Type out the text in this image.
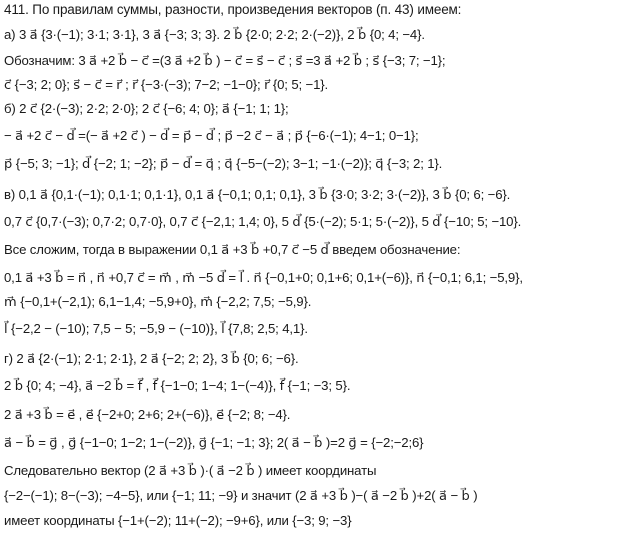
411. По правилам суммы, разности, произведения векторов (п. 43) имеем:
а) 3 a⃗ {3·(−1); 3·1; 3·1}, 3 a⃗ {−3; 3; 3}. 2 b⃗ {2·0; 2·2; 2·(−2)}, 2 b⃗ {0; 4; −4}.
Обозначим: 3 a⃗ +2 b⃗ − c⃗ =(3 a⃗ +2 b⃗ ) − c⃗ = s⃗ − c⃗ ; s⃗ =3 a⃗ +2 b⃗ ; s⃗ {−3; 7; −1};
c⃗ {−3; 2; 0}; s⃗ − c⃗ = r⃗ ; r⃗ {−3·(−3); 7−2; −1−0}; r⃗ {0; 5; −1}.
б) 2 c⃗ {2·(−3); 2·2; 2·0}; 2 c⃗ {−6; 4; 0}; a⃗ {−1; 1; 1};
− a⃗ +2 c⃗ − d⃗ =(− a⃗ +2 c⃗ ) − d⃗ = p⃗ − d⃗ ; p⃗ −2 c⃗ − a⃗ ; p⃗ {−6·(−1); 4−1; 0−1};
p⃗ {−5; 3; −1}; d⃗ {−2; 1; −2}; p⃗ − d⃗ = q⃗ ; q⃗ {−5−(−2); 3−1; −1·(−2)}; q⃗ {−3; 2; 1}.
в) 0,1 a⃗ {0,1·(−1); 0,1·1; 0,1·1}, 0,1 a⃗ {−0,1; 0,1; 0,1}, 3 b⃗ {3·0; 3·2; 3·(−2)}, 3 b⃗ {0; 6; −6}.
0,7 c⃗ {0,7·(−3); 0,7·2; 0,7·0}, 0,7 c⃗ {−2,1; 1,4; 0}, 5 d⃗ {5·(−2); 5·1; 5·(−2)}, 5 d⃗ {−10; 5; −10}.
Все сложим, тогда в выражении 0,1 a⃗ +3 b⃗ +0,7 c⃗ −5 d⃗ введем обозначение:
0,1 a⃗ +3 b⃗ = n⃗ , n⃗ +0,7 c⃗ = m⃗ , m⃗ −5 d⃗ = l⃗ . n⃗ {−0,1+0; 0,1+6; 0,1+(−6)}, n⃗ {−0,1; 6,1; −5,9},
m⃗ {−0,1+(−2,1); 6,1−1,4; −5,9+0}, m⃗ {−2,2; 7,5; −5,9}.
l⃗ {−2,2 − (−10); 7,5 − 5; −5,9 − (−10)}, l⃗ {7,8; 2,5; 4,1}.
г) 2 a⃗ {2·(−1); 2·1; 2·1}, 2 a⃗ {−2; 2; 2}, 3 b⃗ {0; 6; −6}.
2 b⃗ {0; 4; −4}, a⃗ −2 b⃗ = f⃗ , f⃗ {−1−0; 1−4; 1−(−4)}, f⃗ {−1; −3; 5}.
2 a⃗ +3 b⃗ = e⃗ , e⃗ {−2+0; 2+6; 2+(−6)}, e⃗ {−2; 8; −4}.
a⃗ − b⃗ = g⃗ , g⃗ {−1−0; 1−2; 1−(−2)}, g⃗ {−1; −1; 3}; 2( a⃗ − b⃗ )=2 g⃗ = {−2;−2;6}
Следовательно вектор (2 a⃗ +3 b⃗ )·( a⃗ −2 b⃗ ) имеет координаты
{−2−(−1); 8−(−3); −4−5}, или {−1; 11; −9} и значит (2 a⃗ +3 b⃗ )−( a⃗ −2 b⃗ )+2( a⃗ − b⃗ )
имеет координаты {−1+(−2); 11+(−2); −9+6}, или {−3; 9; −3}
